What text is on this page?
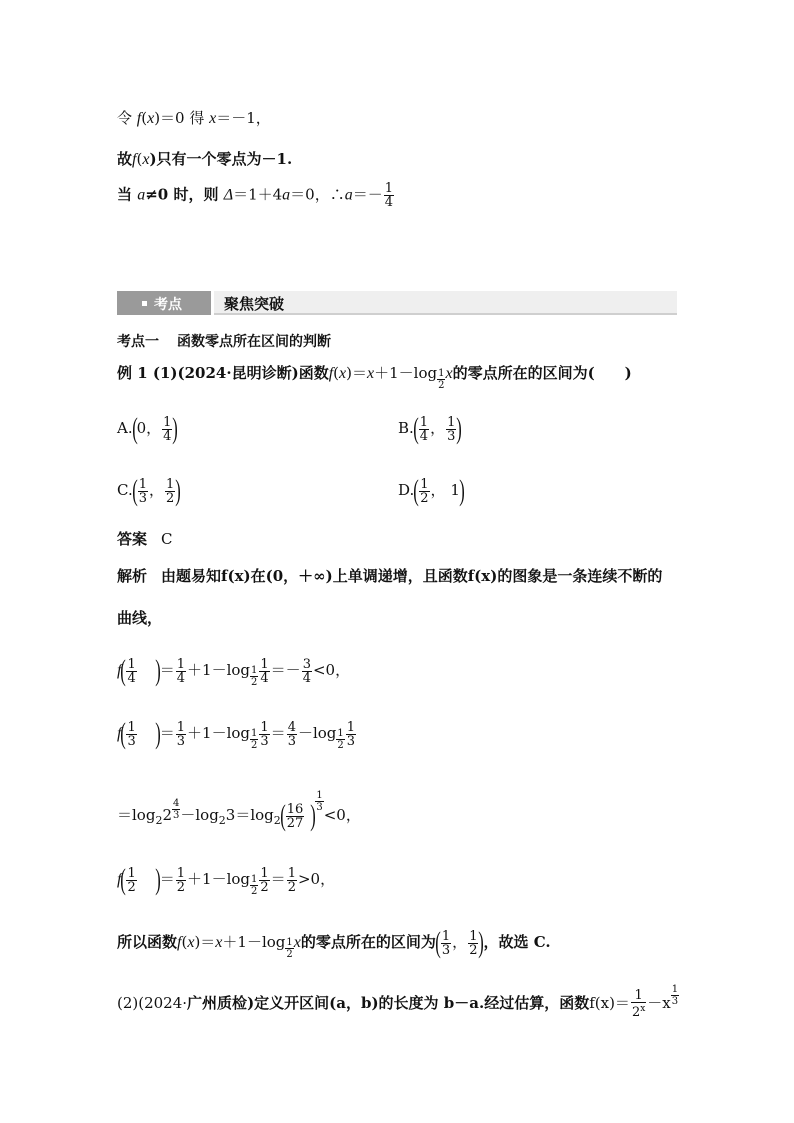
令 f(x)＝0 得 x＝－1，
故f(x)只有一个零点为－1.
当 a≠0 时，则 Δ＝1＋4a＝0，∴a＝－ $\frac{1}{4}$
考点	聚焦突破
考点一 函数零点所在区间的判断
例 1 (1)(2024·昆明诊断)函数$f(x)=x+1-\log \frac{1}{2}$ x的零点所在的区间为(　　)
A.(0， $\frac{1}{4}$ )	$B.( \frac{1}{4}$ ， $\frac{1}{3}$ )
$C.( \frac{1}{3}$ ， $\frac{1}{2}$ )	$D.( \frac{1}{2}$ ， 1)
答案 C
解析 由题易知f(x)在(0，＋∞)上单调递增，且函数f(x)的图象是一条连续不断的
曲线，
$f( \frac{1}{4}$ )＝ $\frac{1}{4} +1-\log \frac{1}{2} \frac{1}{4} =- \frac{3}{4} <0$，
$f( \frac{1}{3}$ )＝ $\frac{1}{3} +1-\log \frac{1}{2} \frac{1}{3} = \frac{4}{3} -\log \frac{1}{2} \frac{1}{3}$
$=\log_22 \frac{4}{3} -\log_23=\log_2( \frac{16}{27}$ ) $\frac{1}{3}$
<0，
$f( \frac{1}{2}$ )＝ $\frac{1}{2} +1-\log \frac{1}{2} \frac{1}{2} = \frac{1}{2} >0$，
所以函数$f(x)=x+1-\log \frac{1}{2}$ x的零点所在的区间为( $\frac{1}{3}$ ， $\frac{1}{2}$ )，故选 C.
(2)(2024·广州质检)定义开区间(a，b)的长度为 b－a.经过估算，函数$f(x)= \frac{1}{2^x} -x \frac{1}{3}$
